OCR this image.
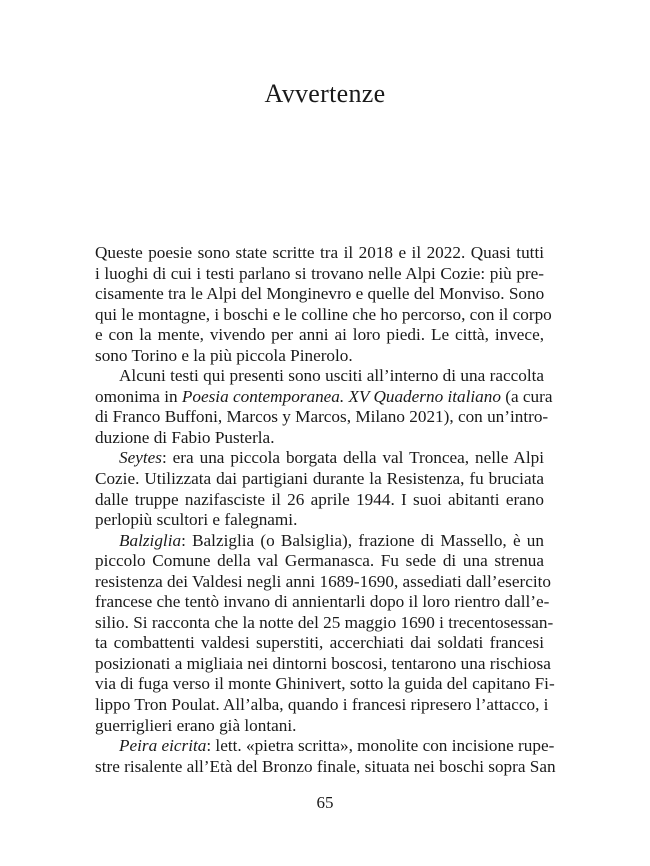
Avvertenze
Queste poesie sono state scritte tra il 2018 e il 2022. Quasi tutti
i luoghi di cui i testi parlano si trovano nelle Alpi Cozie: più pre-
cisamente tra le Alpi del Monginevro e quelle del Monviso. Sono
qui le montagne, i boschi e le colline che ho percorso, con il corpo
e con la mente, vivendo per anni ai loro piedi. Le città, invece,
sono Torino e la più piccola Pinerolo.
Alcuni testi qui presenti sono usciti all’interno di una raccolta
omonima in Poesia contemporanea. XV Quaderno italiano (a cura
di Franco Buffoni, Marcos y Marcos, Milano 2021), con un’intro-
duzione di Fabio Pusterla.
Seytes: era una piccola borgata della val Troncea, nelle Alpi
Cozie. Utilizzata dai partigiani durante la Resistenza, fu bruciata
dalle truppe nazifasciste il 26 aprile 1944. I suoi abitanti erano
perlopiù scultori e falegnami.
Balziglia: Balziglia (o Balsiglia), frazione di Massello, è un
piccolo Comune della val Germanasca. Fu sede di una strenua
resistenza dei Valdesi negli anni 1689-1690, assediati dall’esercito
francese che tentò invano di annientarli dopo il loro rientro dall’e-
silio. Si racconta che la notte del 25 maggio 1690 i trecentosessan-
ta combattenti valdesi superstiti, accerchiati dai soldati francesi
posizionati a migliaia nei dintorni boscosi, tentarono una rischiosa
via di fuga verso il monte Ghinivert, sotto la guida del capitano Fi-
lippo Tron Poulat. All’alba, quando i francesi ripresero l’attacco, i
guerriglieri erano già lontani.
Peira eicrita: lett. «pietra scritta», monolite con incisione rupe-
stre risalente all’Età del Bronzo finale, situata nei boschi sopra San
65
